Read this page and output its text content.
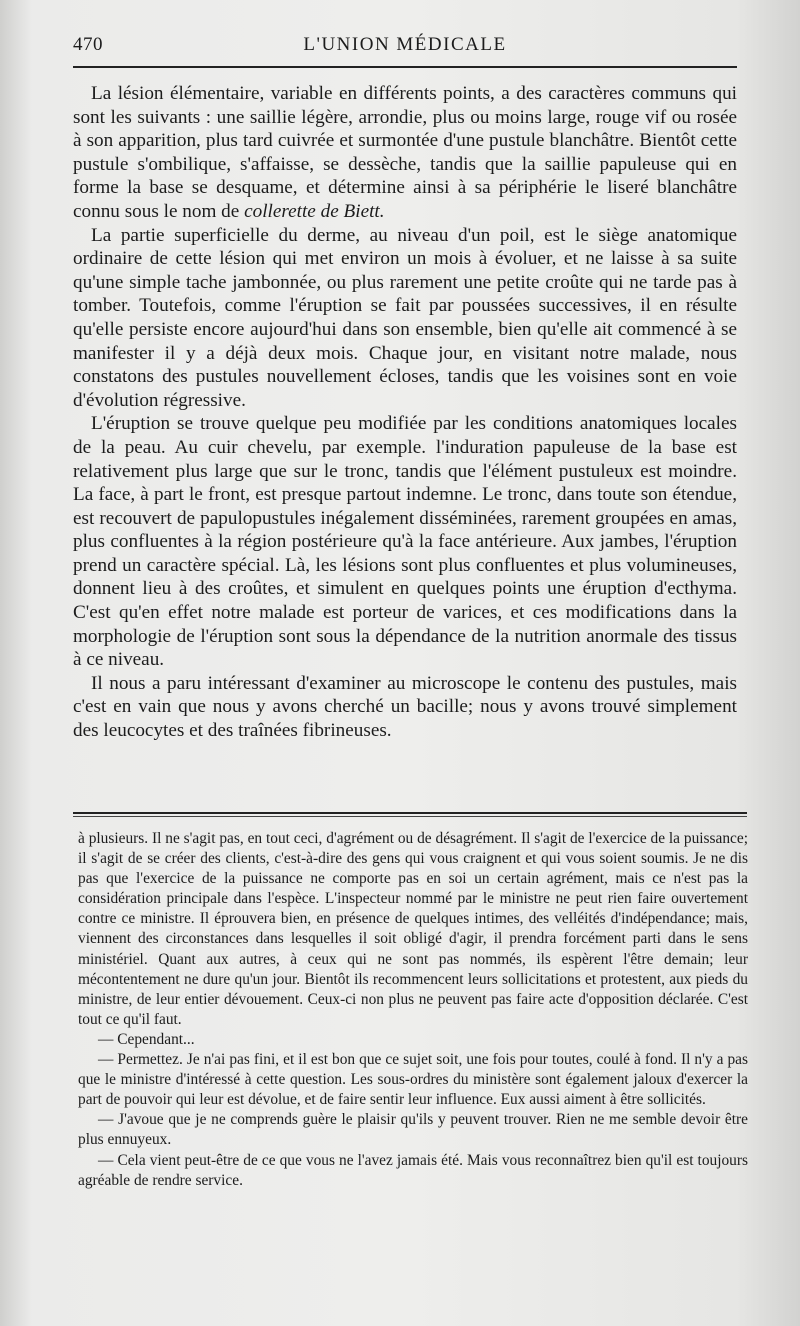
470	L'UNION MÉDICALE

La lésion élémentaire, variable en différents points, a des caractères communs qui sont les suivants : une saillie légère, arrondie, plus ou moins large, rouge vif ou rosée à son apparition, plus tard cuivrée et surmontée d'une pustule blanchâtre. Bientôt cette pustule s'ombilique, s'affaisse, se dessèche, tandis que la saillie papuleuse qui en forme la base se desquame, et détermine ainsi à sa périphérie le liseré blanchâtre connu sous le nom de collerette de Biett.

La partie superficielle du derme, au niveau d'un poil, est le siège anatomique ordinaire de cette lésion qui met environ un mois à évoluer, et ne laisse à sa suite qu'une simple tache jambonnée, ou plus rarement une petite croûte qui ne tarde pas à tomber. Toutefois, comme l'éruption se fait par poussées successives, il en résulte qu'elle persiste encore aujourd'hui dans son ensemble, bien qu'elle ait commencé à se manifester il y a déjà deux mois. Chaque jour, en visitant notre malade, nous constatons des pustules nouvellement écloses, tandis que les voisines sont en voie d'évolution régressive.

L'éruption se trouve quelque peu modifiée par les conditions anatomiques locales de la peau. Au cuir chevelu, par exemple. l'induration papuleuse de la base est relativement plus large que sur le tronc, tandis que l'élément pustuleux est moindre. La face, à part le front, est presque partout indemne. Le tronc, dans toute son étendue, est recouvert de papulopustules inégalement disséminées, rarement groupées en amas, plus confluentes à la région postérieure qu'à la face antérieure. Aux jambes, l'éruption prend un caractère spécial. Là, les lésions sont plus confluentes et plus volumineuses, donnent lieu à des croûtes, et simulent en quelques points une éruption d'ecthyma. C'est qu'en effet notre malade est porteur de varices, et ces modifications dans la morphologie de l'éruption sont sous la dépendance de la nutrition anormale des tissus à ce niveau.

Il nous a paru intéressant d'examiner au microscope le contenu des pustules, mais c'est en vain que nous y avons cherché un bacille; nous y avons trouvé simplement des leucocytes et des traînées fibrineuses.

à plusieurs. Il ne s'agit pas, en tout ceci, d'agrément ou de désagrément. Il s'agit de l'exercice de la puissance; il s'agit de se créer des clients, c'est-à-dire des gens qui vous craignent et qui vous soient soumis. Je ne dis pas que l'exercice de la puissance ne comporte pas en soi un certain agrément, mais ce n'est pas la considération principale dans l'espèce. L'inspecteur nommé par le ministre ne peut rien faire ouvertement contre ce ministre. Il éprouvera bien, en présence de quelques intimes, des velléités d'indépendance; mais, viennent des circonstances dans lesquelles il soit obligé d'agir, il prendra forcément parti dans le sens ministériel. Quant aux autres, à ceux qui ne sont pas nommés, ils espèrent l'être demain; leur mécontentement ne dure qu'un jour. Bientôt ils recommencent leurs sollicitations et protestent, aux pieds du ministre, de leur entier dévouement. Ceux-ci non plus ne peuvent pas faire acte d'opposition déclarée. C'est tout ce qu'il faut.

— Cependant...

— Permettez. Je n'ai pas fini, et il est bon que ce sujet soit, une fois pour toutes, coulé à fond. Il n'y a pas que le ministre d'intéressé à cette question. Les sous-ordres du ministère sont également jaloux d'exercer la part de pouvoir qui leur est dévolue, et de faire sentir leur influence. Eux aussi aiment à être sollicités.

— J'avoue que je ne comprends guère le plaisir qu'ils y peuvent trouver. Rien ne me semble devoir être plus ennuyeux.

— Cela vient peut-être de ce que vous ne l'avez jamais été. Mais vous reconnaîtrez bien qu'il est toujours agréable de rendre service.
